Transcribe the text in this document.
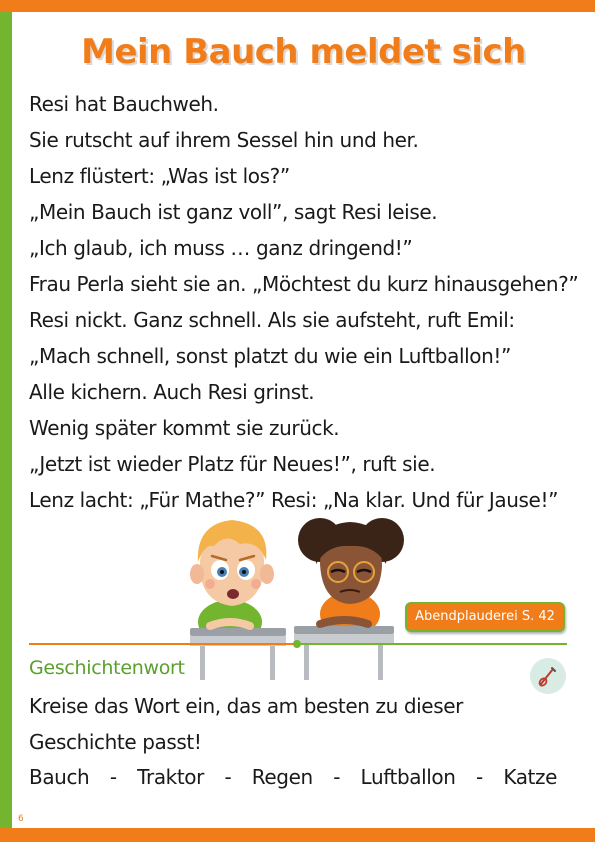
Mein Bauch meldet sich

Resi hat Bauchweh.

Sie rutscht auf ihrem Sessel hin und her.

Lenz flüstert: „Was ist los?”

„Mein Bauch ist ganz voll”, sagt Resi leise.

„Ich glaub, ich muss … ganz dringend!”

Frau Perla sieht sie an. „Möchtest du kurz hinausgehen?”

Resi nickt. Ganz schnell. Als sie aufsteht, ruft Emil:

„Mach schnell, sonst platzt du wie ein Luftballon!”

Alle kichern. Auch Resi grinst.

Wenig später kommt sie zurück.

„Jetzt ist wieder Platz für Neues!”, ruft sie.

Lenz lacht: „Für Mathe?” Resi: „Na klar. Und für Jause!”

Abendplauderei S. 42
Geschichtenwort
Kreise das Wort ein, das am besten zu dieser Geschichte passt!
Bauch - Traktor - Regen - Luftballon - Katze
6
